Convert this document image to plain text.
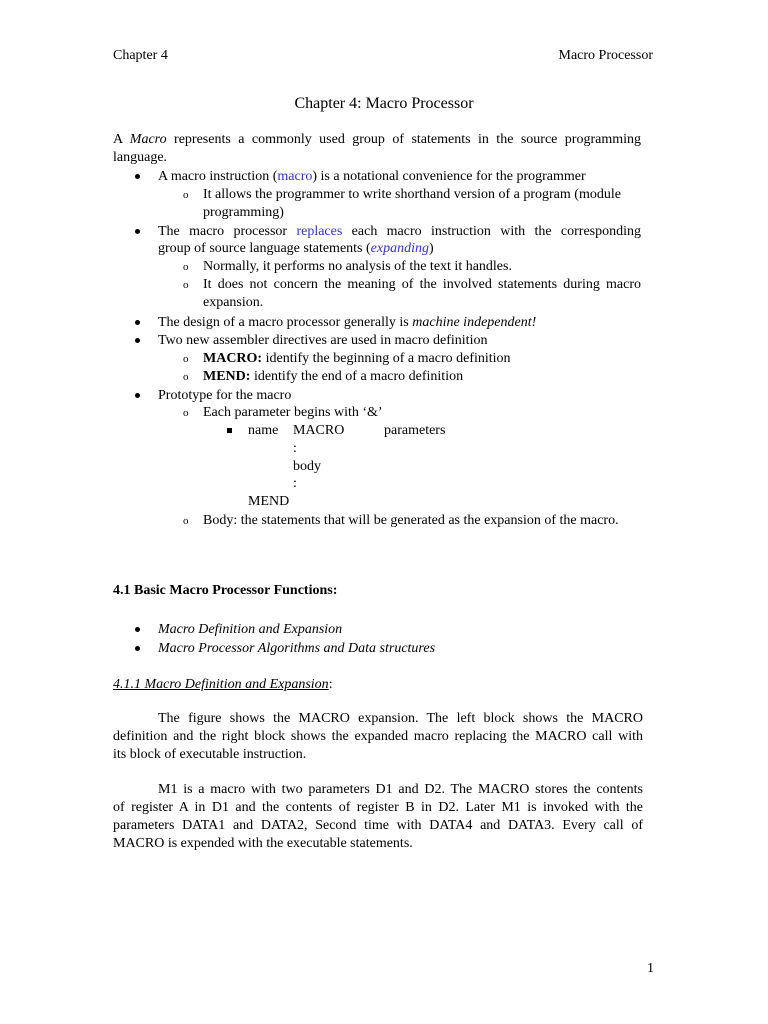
Chapter 4	Macro Processor
Chapter 4: Macro Processor
A Macro represents a commonly used group of statements in the source programming
language.
A macro instruction (macro) is a notational convenience for the programmer
o It allows the programmer to write shorthand version of a program (module
programming)
The macro processor replaces each macro instruction with the corresponding
group of source language statements (expanding)
o Normally, it performs no analysis of the text it handles.
o It does not concern the meaning of the involved statements during macro
expansion.
The design of a macro processor generally is machine independent!
Two new assembler directives are used in macro definition
o MACRO: identify the beginning of a macro definition
o MEND: identify the end of a macro definition
Prototype for the macro
o Each parameter begins with ‘&’
name MACRO	parameters
:
body
:
MEND
o Body: the statements that will be generated as the expansion of the macro.
4.1 Basic Macro Processor Functions:
Macro Definition and Expansion
Macro Processor Algorithms and Data structures
4.1.1 Macro Definition and Expansion:
The figure shows the MACRO expansion. The left block shows the MACRO
definition and the right block shows the expanded macro replacing the MACRO call with
its block of executable instruction.
M1 is a macro with two parameters D1 and D2. The MACRO stores the contents
of register A in D1 and the contents of register B in D2. Later M1 is invoked with the
parameters DATA1 and DATA2, Second time with DATA4 and DATA3. Every call of
MACRO is expended with the executable statements.
1
